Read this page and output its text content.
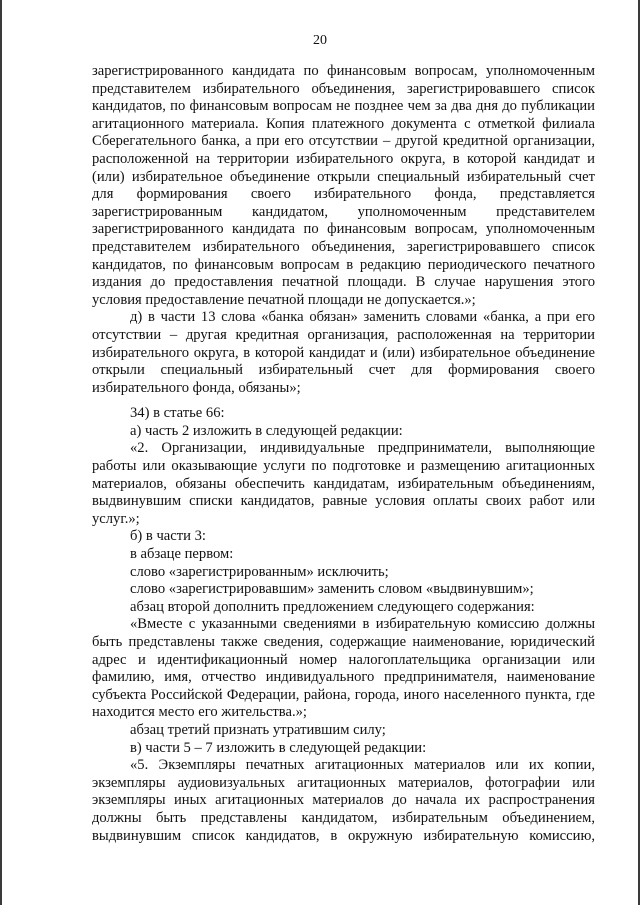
20

зарегистрированного кандидата по финансовым вопросам, уполномоченным представителем избирательного объединения, зарегистрировавшего список кандидатов, по финансовым вопросам не позднее чем за два дня до публикации агитационного материала. Копия платежного документа с отметкой филиала Сберегательного банка, а при его отсутствии – другой кредитной организации, расположенной на территории избирательного округа, в которой кандидат и (или) избирательное объединение открыли специальный избирательный счет для формирования своего избирательного фонда, представляется зарегистрированным кандидатом, уполномоченным представителем зарегистрированного кандидата по финансовым вопросам, уполномоченным представителем избирательного объединения, зарегистрировавшего список кандидатов, по финансовым вопросам в редакцию периодического печатного издания до предоставления печатной площади. В случае нарушения этого условия предоставление печатной площади не допускается.»;

д) в части 13 слова «банка обязан» заменить словами «банка, а при его отсутствии – другая кредитная организация, расположенная на территории избирательного округа, в которой кандидат и (или) избирательное объединение открыли специальный избирательный счет для формирования своего избирательного фонда, обязаны»;

34) в статье 66:

а) часть 2 изложить в следующей редакции:

«2. Организации, индивидуальные предприниматели, выполняющие работы или оказывающие услуги по подготовке и размещению агитационных материалов, обязаны обеспечить кандидатам, избирательным объединениям, выдвинувшим списки кандидатов, равные условия оплаты своих работ или услуг.»;

б) в части 3:

в абзаце первом:

слово «зарегистрированным» исключить;

слово «зарегистрировавшим» заменить словом «выдвинувшим»;

абзац второй дополнить предложением следующего содержания:

«Вместе с указанными сведениями в избирательную комиссию должны быть представлены также сведения, содержащие наименование, юридический адрес и идентификационный номер налогоплательщика организации или фамилию, имя, отчество индивидуального предпринимателя, наименование субъекта Российской Федерации, района, города, иного населенного пункта, где находится место его жительства.»;

абзац третий признать утратившим силу;

в) части 5 – 7 изложить в следующей редакции:

«5. Экземпляры печатных агитационных материалов или их копии, экземпляры аудиовизуальных агитационных материалов, фотографии или экземпляры иных агитационных материалов до начала их распространения должны быть представлены кандидатом, избирательным объединением, выдвинувшим список кандидатов, в окружную избирательную комиссию,
